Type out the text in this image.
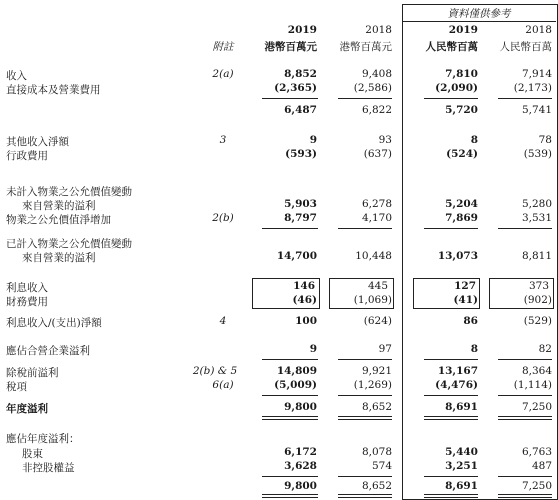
資料僅供參考
附註
2019	2018	2019	2018
港幣百萬元	港幣百萬元	人民幣百萬	人民幣百萬
收入	2(a)	8,852	9,408	7,810	7,914
直接成本及營業費用	(2,365)	(2,586)	(2,090)	(2,173)
6,487	6,822	5,720	5,741
其他收入淨額	3	9	93	8	78
行政費用	(593)	(637)	(524)	(539)
未計入物業之公允價值變動
來自營業的溢利	5,903	6,278	5,204	5,280
物業之公允價值淨增加	2(b)	8,797	4,170	7,869	3,531
已計入物業之公允價值變動
來自營業的溢利	14,700	10,448	13,073	8,811
利息收入	146	445	127	373
財務費用	(46)	(1,069)	(41)	(902)
利息收入/(支出)淨額	4	100	(624)	86	(529)
應佔合營企業溢利	9	97	8	82
除稅前溢利	2(b) & 5	14,809	9,921	13,167	8,364
稅項	6(a)	(5,009)	(1,269)	(4,476)	(1,114)
年度溢利	9,800	8,652	8,691	7,250
應佔年度溢利：
股東	6,172	8,078	5,440	6,763
非控股權益	3,628	574	3,251	487
9,800	8,652	8,691	7,250
